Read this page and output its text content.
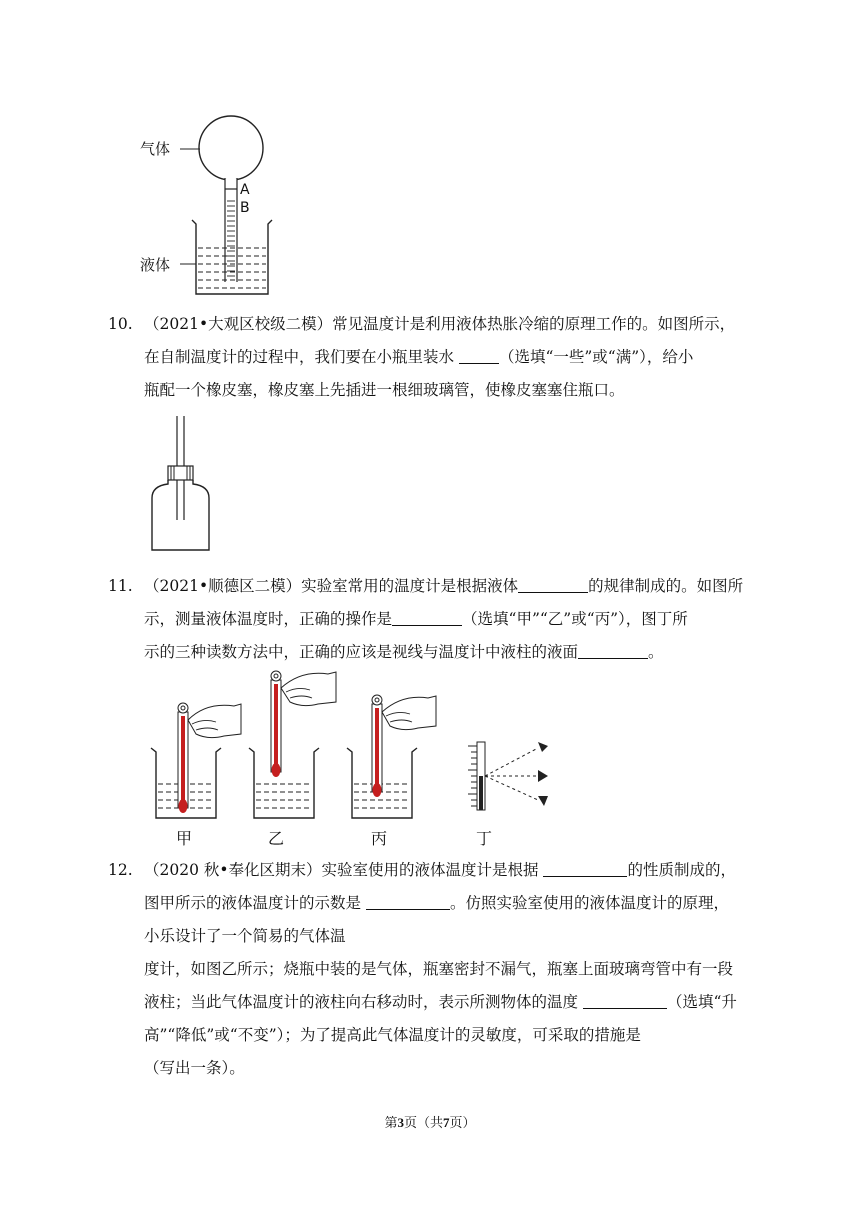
气体
液体
A
B

10. （2021•大观区校级二模）常见温度计是利用液体热胀冷缩的原理工作的。如图所示，

在自制温度计的过程中，我们要在小瓶里装水	（选填“一些”或“满”），给小

瓶配一个橡皮塞，橡皮塞上先插进一根细玻璃管，使橡皮塞塞住瓶口。

11. （2021•顺德区二模）实验室常用的温度计是根据液体	的规律制成的。如图所

示，测量液体温度时，正确的操作是	（选填“甲”“乙”或“丙”），图丁所

示的三种读数方法中，正确的应该是视线与温度计中液柱的液面	。

甲	乙	丙	丁

12. （2020 秋•奉化区期末）实验室使用的液体温度计是根据	的性质制成的，

图甲所示的液体温度计的示数是	。仿照实验室使用的液体温度计的原理，

小乐设计了一个简易的气体温

度计，如图乙所示；烧瓶中装的是气体，瓶塞密封不漏气，瓶塞上面玻璃弯管中有一段

液柱；当此气体温度计的液柱向右移动时，表示所测物体的温度	（选填“升

高”“降低”或“不变”）；为了提高此气体温度计的灵敏度，可采取的措施是

（写出一条）。

第3页（共7页）
